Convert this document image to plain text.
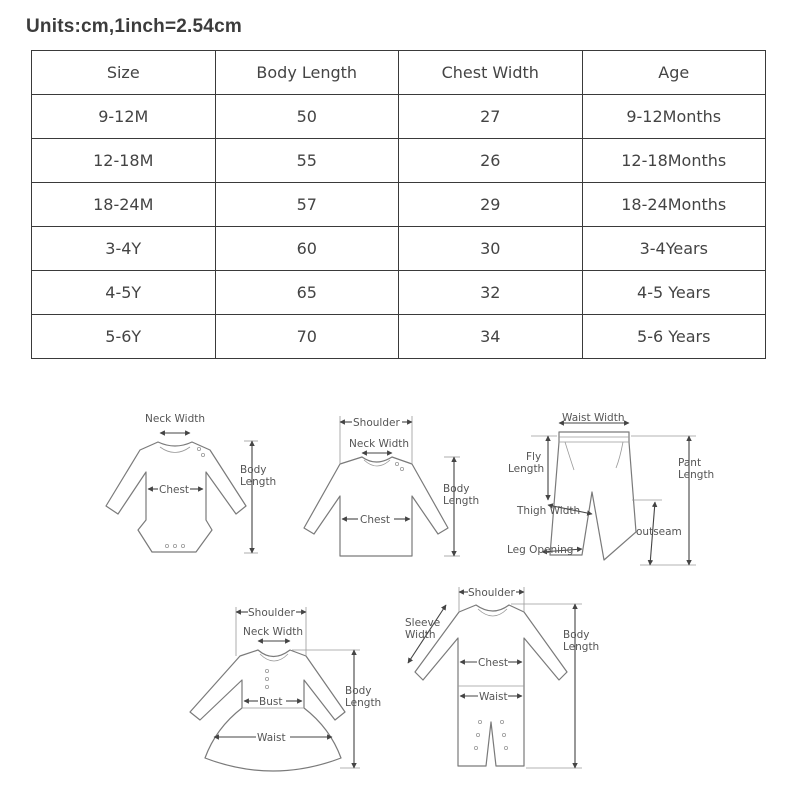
Units:cm,1inch=2.54cm
Size	Body Length	Chest Width	Age
9-12M	50	27	9-12Months
12-18M	55	26	12-18Months
18-24M	57	29	18-24Months
3-4Y	60	30	3-4Years
4-5Y	65	32	4-5 Years
5-6Y	70	34	5-6 Years
Neck Width
Chest
Body
Length
Shoulder
Neck Width
Chest
Body
Length
Waist Width
Fly
Length	Pant
Length
Thigh Width
Leg Opening
outseam
Shoulder
Neck Width
Bust
Waist
Body
Length
Shoulder
Sleeve
Width
Chest
Waist
Body
Length
